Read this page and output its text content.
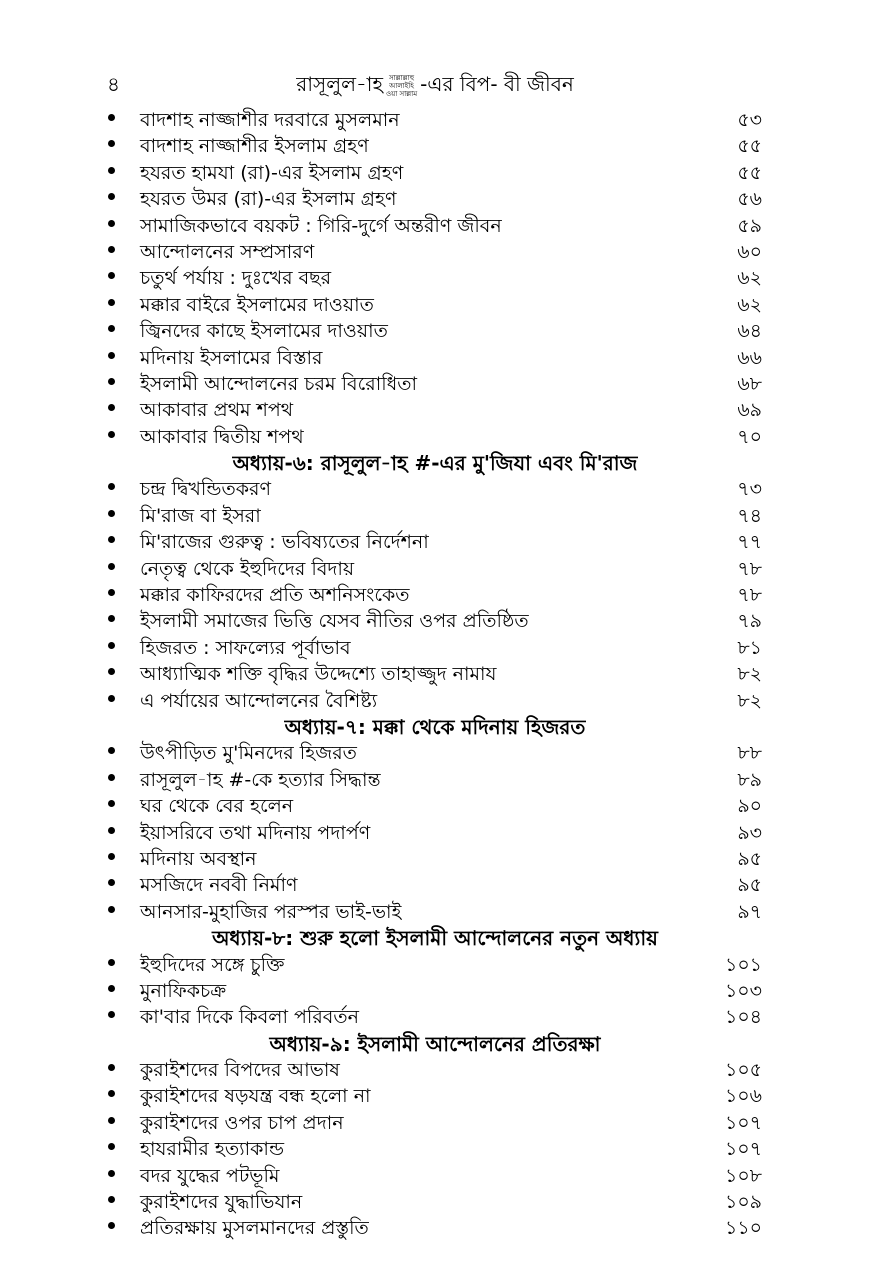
৪	রাসূলুল-াহ সাল্লাল্লাহু
আলাইহি
ওয়া সাল্লাম -এর বিপ- বী জীবন
বাদশাহ নাজ্জাশীর দরবারে মুসলমান	৫৩
বাদশাহ নাজ্জাশীর ইসলাম গ্রহণ	৫৫
হযরত হামযা (রা)-এর ইসলাম গ্রহণ	৫৫
হযরত উমর (রা)-এর ইসলাম গ্রহণ	৫৬
সামাজিকভাবে বয়কট : গিরি-দুর্গে অন্তরীণ জীবন	৫৯
আন্দোলনের সম্প্রসারণ	৬০
চতুর্থ পর্যায় : দুঃখের বছর	৬২
মক্কার বাইরে ইসলামের দাওয়াত	৬২
জ্বিনদের কাছে ইসলামের দাওয়াত	৬৪
মদিনায় ইসলামের বিস্তার	৬৬
ইসলামী আন্দোলনের চরম বিরোধিতা	৬৮
আকাবার প্রথম শপথ	৬৯
আকাবার দ্বিতীয় শপথ	৭০
অধ্যায়-৬: রাসূলুল-াহ #-এর মু'জিযা এবং মি'রাজ
চন্দ্র দ্বিখন্ডিতকরণ	৭৩
মি'রাজ বা ইসরা	৭৪
মি'রাজের গুরুত্ব : ভবিষ্যতের নির্দেশনা	৭৭
নেতৃত্ব থেকে ইহুদিদের বিদায়	৭৮
মক্কার কাফিরদের প্রতি অশনিসংকেত	৭৮
ইসলামী সমাজের ভিত্তি যেসব নীতির ওপর প্রতিষ্ঠিত	৭৯
হিজরত : সাফল্যের পূর্বাভাব	৮১
আধ্যাত্মিক শক্তি বৃদ্ধির উদ্দেশ্যে তাহাজ্জুদ নামায	৮২
এ পর্যায়ের আন্দোলনের বৈশিষ্ট্য	৮২
অধ্যায়-৭: মক্কা থেকে মদিনায় হিজরত
উৎপীড়িত মু'মিনদের হিজরত	৮৮
রাসূলুল-াহ #-কে হত্যার সিদ্ধান্ত	৮৯
ঘর থেকে বের হলেন	৯০
ইয়াসরিবে তথা মদিনায় পদার্পণ	৯৩
মদিনায় অবস্থান	৯৫
মসজিদে নববী নির্মাণ	৯৫
আনসার-মুহাজির পরস্পর ভাই-ভাই	৯৭
অধ্যায়-৮: শুরু হলো ইসলামী আন্দোলনের নতুন অধ্যায়
ইহুদিদের সঙ্গে চুক্তি	১০১
মুনাফিকচক্র	১০৩
কা'বার দিকে কিবলা পরিবর্তন	১০৪
অধ্যায়-৯: ইসলামী আন্দোলনের প্রতিরক্ষা
কুরাইশদের বিপদের আভাষ	১০৫
কুরাইশদের ষড়যন্ত্র বন্ধ হলো না	১০৬
কুরাইশদের ওপর চাপ প্রদান	১০৭
হাযরামীর হত্যাকান্ড	১০৭
বদর যুদ্ধের পটভূমি	১০৮
কুরাইশদের যুদ্ধাভিযান	১০৯
প্রতিরক্ষায় মুসলমানদের প্রস্তুতি	১১০
